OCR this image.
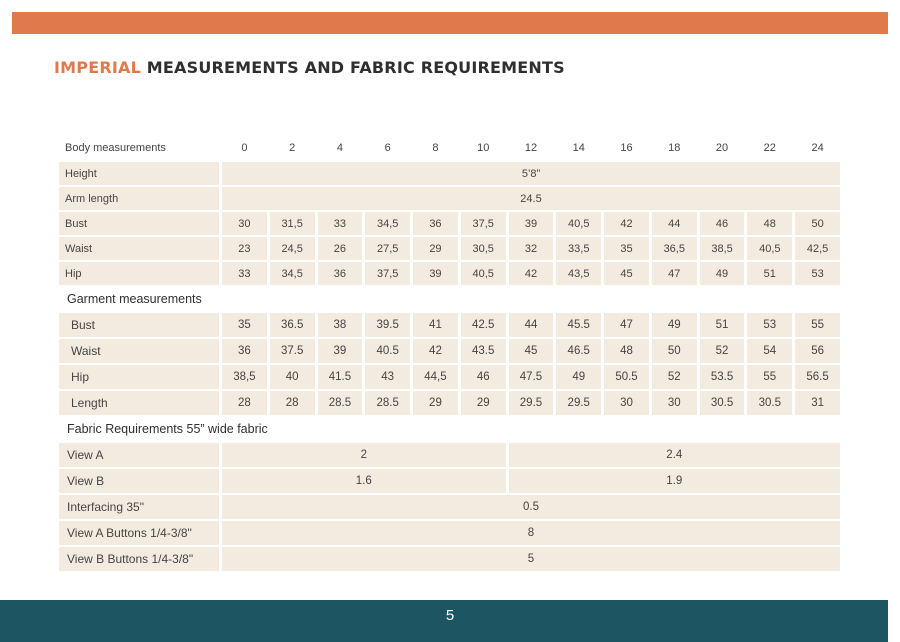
IMPERIAL MEASUREMENTS AND FABRIC REQUIREMENTS
Body measurements	0	2	4	6	8	10	12	14	16	18	20	22	24
Height	5’8”												
Arm length	24.5												
Bust	30	31,5	33	34,5	36	37,5	39	40,5	42	44	46	48	50
Waist	23	24,5	26	27,5	29	30,5	32	33,5	35	36,5	38,5	40,5	42,5
Hip	33	34,5	36	37,5	39	40,5	42	43,5	45	47	49	51	53
Garment measurements													
Bust	35	36.5	38	39.5	41	42.5	44	45.5	47	49	51	53	55
Waist	36	37.5	39	40.5	42	43.5	45	46.5	48	50	52	54	56
Hip	38,5	40	41.5	43	44,5	46	47.5	49	50.5	52	53.5	55	56.5
Length	28	28	28.5	28.5	29	29	29.5	29.5	30	30	30.5	30.5	31
Fabric Requirements 55” wide fabric													
View A	2						2.4						
View B	1.6						1.9						
Interfacing 35"	0.5												
View A Buttons 1/4-3/8"	8												
View B Buttons 1/4-3/8"	5												
5
